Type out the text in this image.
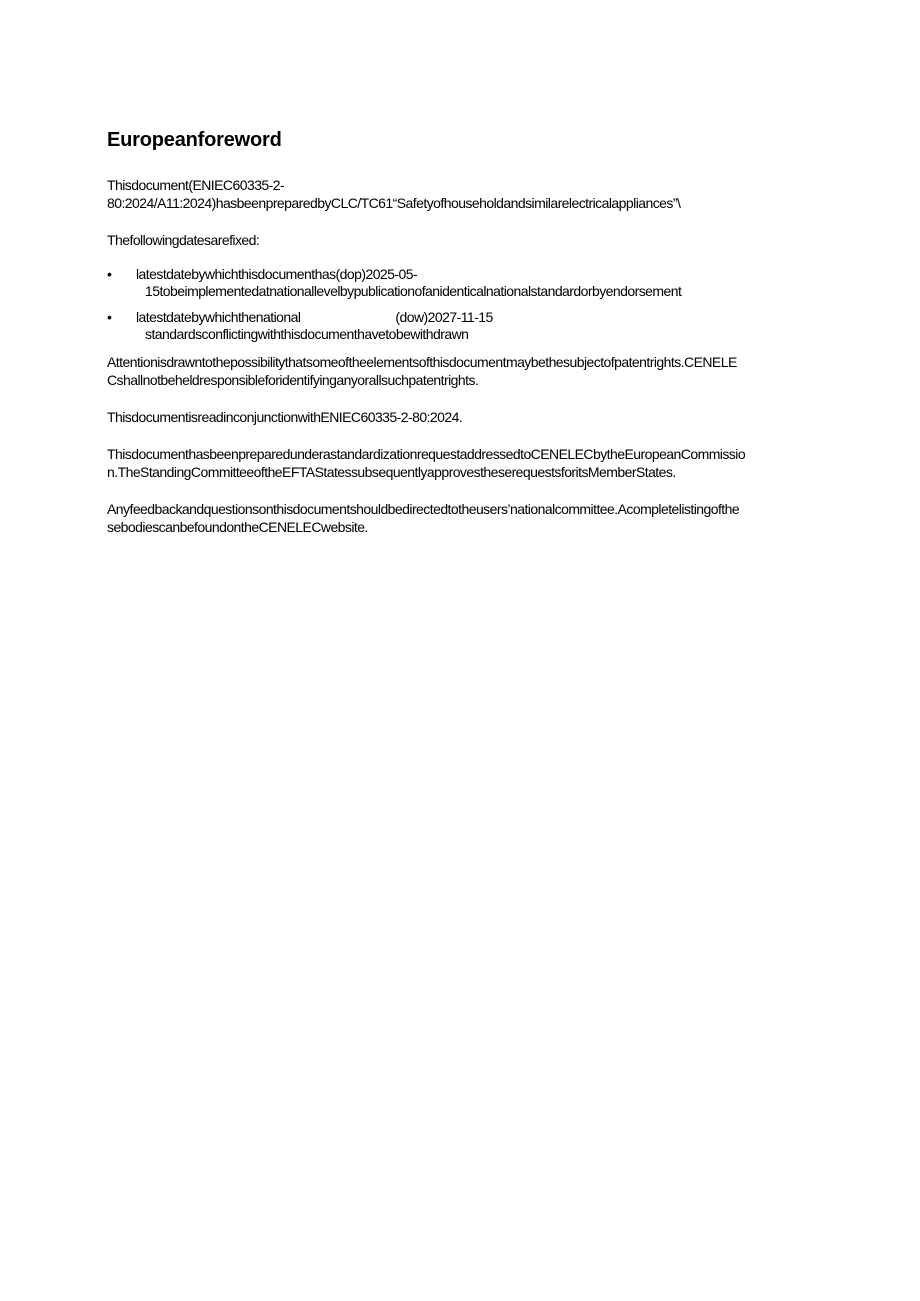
Europeanforeword

Thisdocument(ENIEC60335-2-
80:2024/A11:2024)hasbeenpreparedbyCLC/TC61“Safetyofhouseholdandsimilarelectricalappliances”\

Thefollowingdatesarefixed:

• latestdatebywhichthisdocumenthas(dop)2025-05-
15tobeimplementedatnationallevelbypublicationofanidenticalnationalstandardorbyendorsement
• latestdatebywhichthenational	(dow)2027-11-15
standardsconflictingwiththisdocumenthavetobewithdrawn

Attentionisdrawntothepossibilitythatsomeoftheelementsofthisdocumentmaybethesubjectofpatentrights.CENELE
Cshallnotbeheldresponsibleforidentifyinganyorallsuchpatentrights.

ThisdocumentisreadinconjunctionwithENIEC60335-2-80:2024.

ThisdocumenthasbeenpreparedunderastandardizationrequestaddressedtoCENELECbytheEuropeanCommissio
n.TheStandingCommitteeoftheEFTAStatessubsequentlyapprovestheserequestsforitsMemberStates.

Anyfeedbackandquestionsonthisdocumentshouldbedirectedtotheusers’nationalcommittee.Acompletelistingofthe
sebodiescanbefoundontheCENELECwebsite.
